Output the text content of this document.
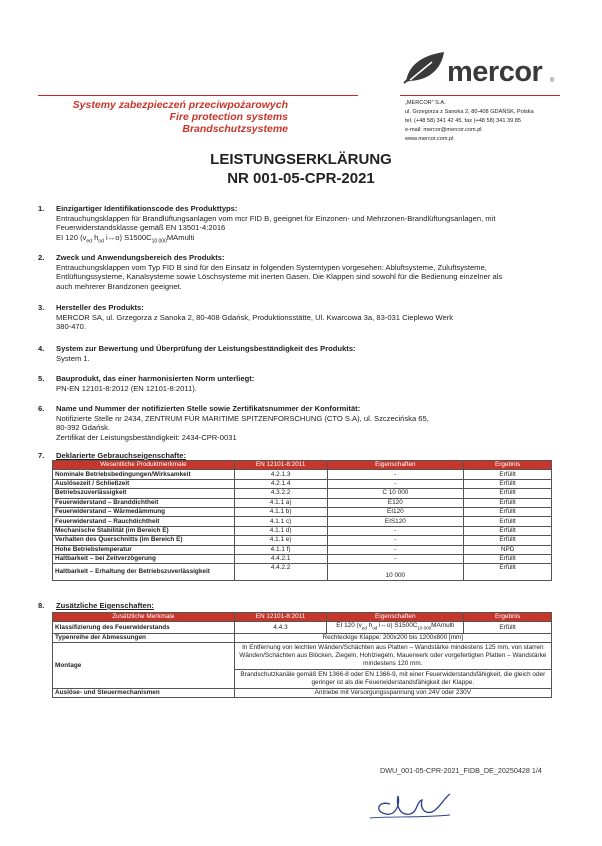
mercor ®
Systemy zabezpieczeń przeciwpożarowych
Fire protection systems
Brandschutzsysteme
„MERCOR” S.A.
ul. Grzegorza z Sanoka 2, 80-408 GDAŃSK, Polska
tel. (+48 58) 341 42 45, fax (+48 58) 341 39 85
e-mail: mercor@mercor.com.pl
www.mercor.com.pl
LEISTUNGSERKLÄRUNG
NR 001-05-CPR-2021
1. Einzigartiger Identifikationscode des Produkttyps:
Entrauchungsklappen für Brandlüftungsanlagen vom mcr FID B, geeignet für Einzonen- und Mehrzonen-Brandlüftungsanlagen, mit
Feuerwiderstandsklasse gemäß EN 13501-4:2016
EI 120 ($v_{ed}$ $h_{od}$ i↔o) $S1500C_{10 000}MAmulti$
2. Zweck und Anwendungsbereich des Produkts:
Entrauchungsklappen vom Typ FID B sind für den Einsatz in folgenden Systemtypen vorgesehen: Abluftsysteme, Zuluftsysteme,
Entlüftungssysteme, Kanalsysteme sowie Löschsysteme mit inerten Gasen. Die Klappen sind sowohl für die Bedienung einzelner als
auch mehrerer Brandzonen geeignet.
3. Hersteller des Produkts:
MERCOR SA, ul. Grzegorza z Sanoka 2, 80-408 Gdańsk, Produktionsstätte, Ul. Kwarcowa 3a, 83-031 Cieplewo Werk
380-470.
4. System zur Bewertung und Überprüfung der Leistungsbeständigkeit des Produkts:
System 1.
5. Bauprodukt, das einer harmonisierten Norm unterliegt:
PN-EN 12101-8:2012 (EN 12101-8:2011).
6. Name und Nummer der notifizierten Stelle sowie Zertifikatsnummer der Konformität:
Notifizierte Stelle nr 2434, ZENTRUM FÜR MARITIME SPITZENFORSCHUNG (CTO S.A), ul. Szczecińska 65,
80-392 Gdańsk.
Zertifikat der Leistungsbeständigkeit: 2434-CPR-0031
7. Deklarierte Gebrauchseigenschafte:
Wesentliche Produktmerkmale	EN 12101-8:2011	Eigenschaften	Ergebnis
Nominale Betriebsbedingungen/Wirksamkeit	4.2.1.3	-	Erfüllt
Auslösezeit / Schließzeit	4.2.1.4	-	Erfüllt
Betriebszuverlässigkeit	4.3.2.2	C 10 000	Erfüllt
Feuerwiderstand – Branddichtheit	4.1.1 a)	E120	Erfüllt
Feuerwiderstand – Wärmedämmung	4.1.1 b)	EI120	Erfüllt
Feuerwiderstand – Rauchdichtheit	4.1.1 c)	EIS120	Erfüllt
Mechanische Stabilität (im Bereich E)	4.1.1 d)	-	Erfüllt
Verhalten des Querschnitts (im Bereich E)	4.1.1 e)	-	Erfüllt
Hohe Betriebstemperatur	4.1.1 f)	-	NPD
Haltbarkeit – bei Zeitverzögerung	4.4.2.1	-	Erfüllt
Haltbarkeit – Erhaltung der Betriebszuverlässigkeit	4.4.2.2	10 000	Erfüllt
8. Zusätzliche Eigenschaften:
Zusätzliche Merkmale	EN 12101-8:2011	Eigenschaften	Ergebnis
Klassifizierung des Feuerwiderstands	4.4.3	EI 120 ($v_{ed}$ $h_{od}$ i↔o) $S1500C_{10 000}MAmulti$	Erfüllt
Typenreihe der Abmessungen	Rechteckige Klappe: 200x200 bis 1200x800 [mm]		
Montage	In Entfernung von leichten Wänden/Schächten aus Platten – Wandstärke mindestens 125 mm, von starren Wänden/Schächten aus Blöcken, Ziegeln, Hohlziegeln, Mauerwerk oder vorgefertigten Platten – Wandstärke mindestens 120 mm.		
	Brandschutzkanäle gemäß EN 1366-8 oder EN 1366-9, mit einer Feuerwiderstandsfähigkeit, die gleich oder geringer ist als die Feuerwiderstandsfähigkeit der Klappe.		
Auslöse- und Steuermechanismen	Antriebe mit Versorgungsspannung von 24V oder 230V		
DWU_001-05-CPR-2021_FIDB_DE_20250428 1/4
